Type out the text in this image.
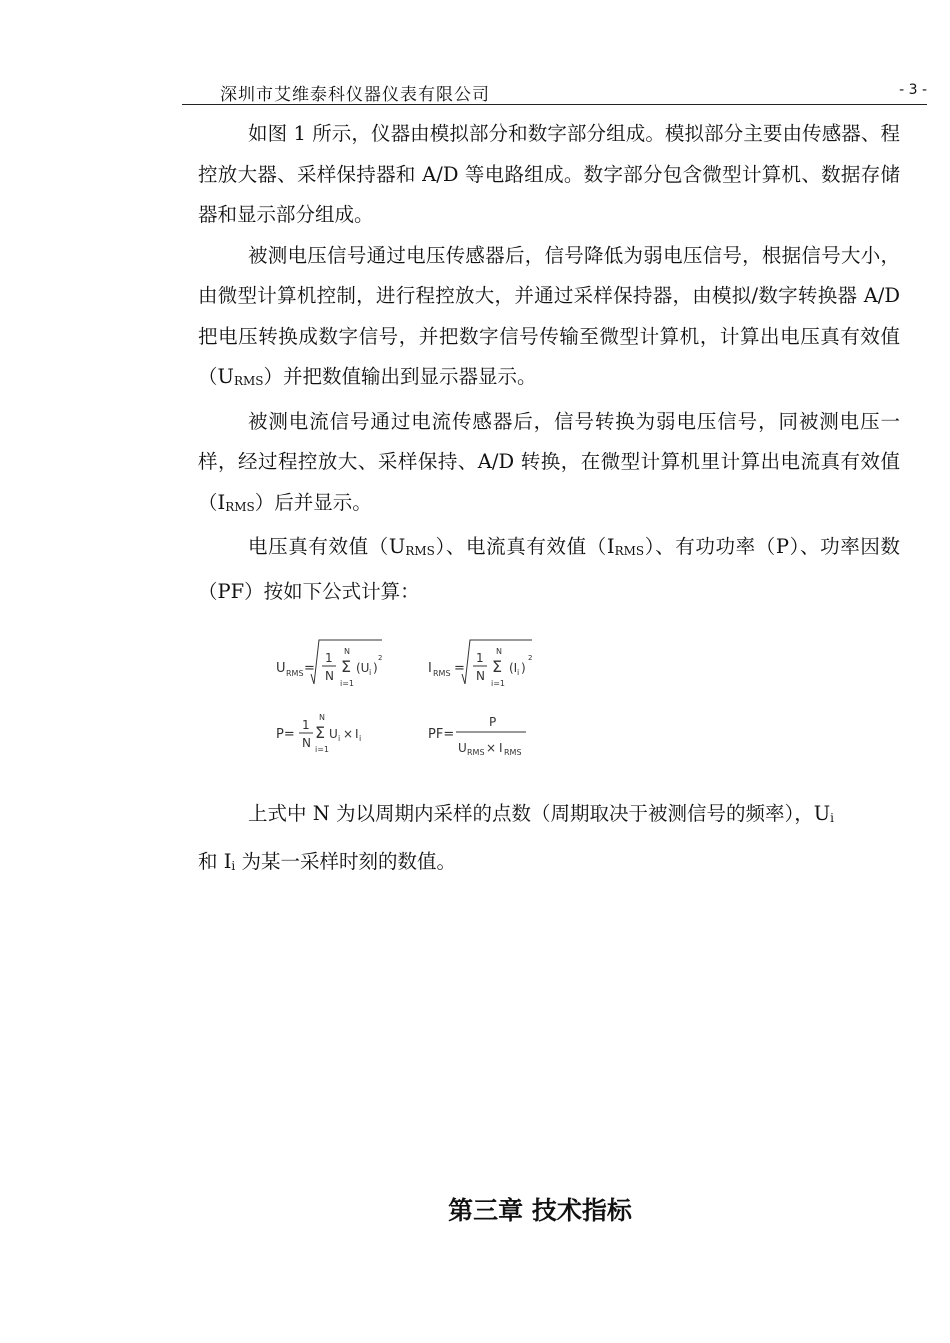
深圳市艾维泰科仪器仪表有限公司	- 3 -

如图 1 所示，仪器由模拟部分和数字部分组成。模拟部分主要由传感器、程控放大器、采样保持器和 A/D 等电路组成。数字部分包含微型计算机、数据存储器和显示部分组成。

被测电压信号通过电压传感器后，信号降低为弱电压信号，根据信号大小，由微型计算机控制，进行程控放大，并通过采样保持器，由模拟/数字转换器 A/D 把电压转换成数字信号，并把数字信号传输至微型计算机，计算出电压真有效值$(U_{RMS})$并把数值输出到显示器显示。

被测电流信号通过电流传感器后，信号转换为弱电压信号，同被测电压一样，经过程控放大、采样保持、A/D 转换，在微型计算机里计算出电流真有效值$(I_{RMS})$后并显示。

电压真有效值$(U_{RMS})$、电流真有效值$(I_{RMS})$、有功功率（P）、功率因数（PF）按如下公式计算：

U RMS =
1
N
N
Σ
i=1
(U i )
2
I RMS =
1
N
N
Σ
i=1
(I i )
2
P=
1
N
N
Σ
i=1
U i × I i	PF=
P
U RMS × I RMS

上式中 N 为以周期内采样的点数（周期取决于被测信号的频率），$U_i$
和 $I_i$ 为某一采样时刻的数值。

第三章 技术指标
